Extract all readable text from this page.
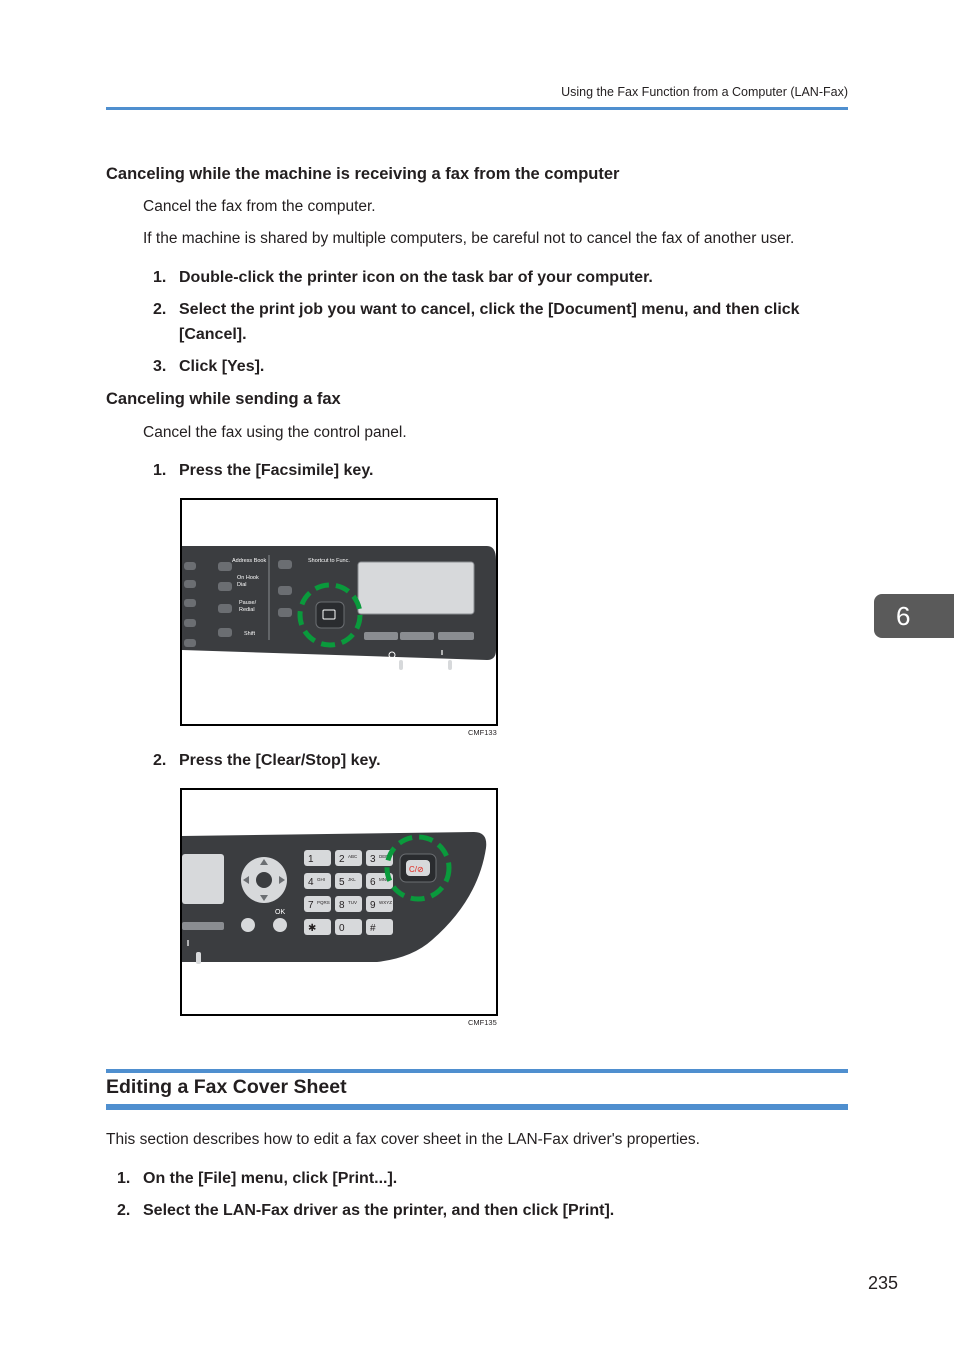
Using the Fax Function from a Computer (LAN-Fax)
Canceling while the machine is receiving a fax from the computer
Cancel the fax from the computer.
If the machine is shared by multiple computers, be careful not to cancel the fax of another user.
1. Double-click the printer icon on the task bar of your computer.
2. Select the print job you want to cancel, click the [Document] menu, and then click
[Cancel].
3. Click [Yes].
Canceling while sending a fax
Cancel the fax using the control panel.
1. Press the [Facsimile] key.
Address Book	Shortcut to Func.
On Hook
Dial
Pause/
Redial
Shift
CMF133
2. Press the [Clear/Stop] key.
OK
1	2 ABC 3 DEF
4 GHI 5 JKL 6 MNO
7 PQRS 8 TUV 9 WXYZ
✱ 0	#
C/⊘
CMF135
Editing a Fax Cover Sheet
This section describes how to edit a fax cover sheet in the LAN-Fax driver's properties.
1. On the [File] menu, click [Print...].
2. Select the LAN-Fax driver as the printer, and then click [Print].
6
235
